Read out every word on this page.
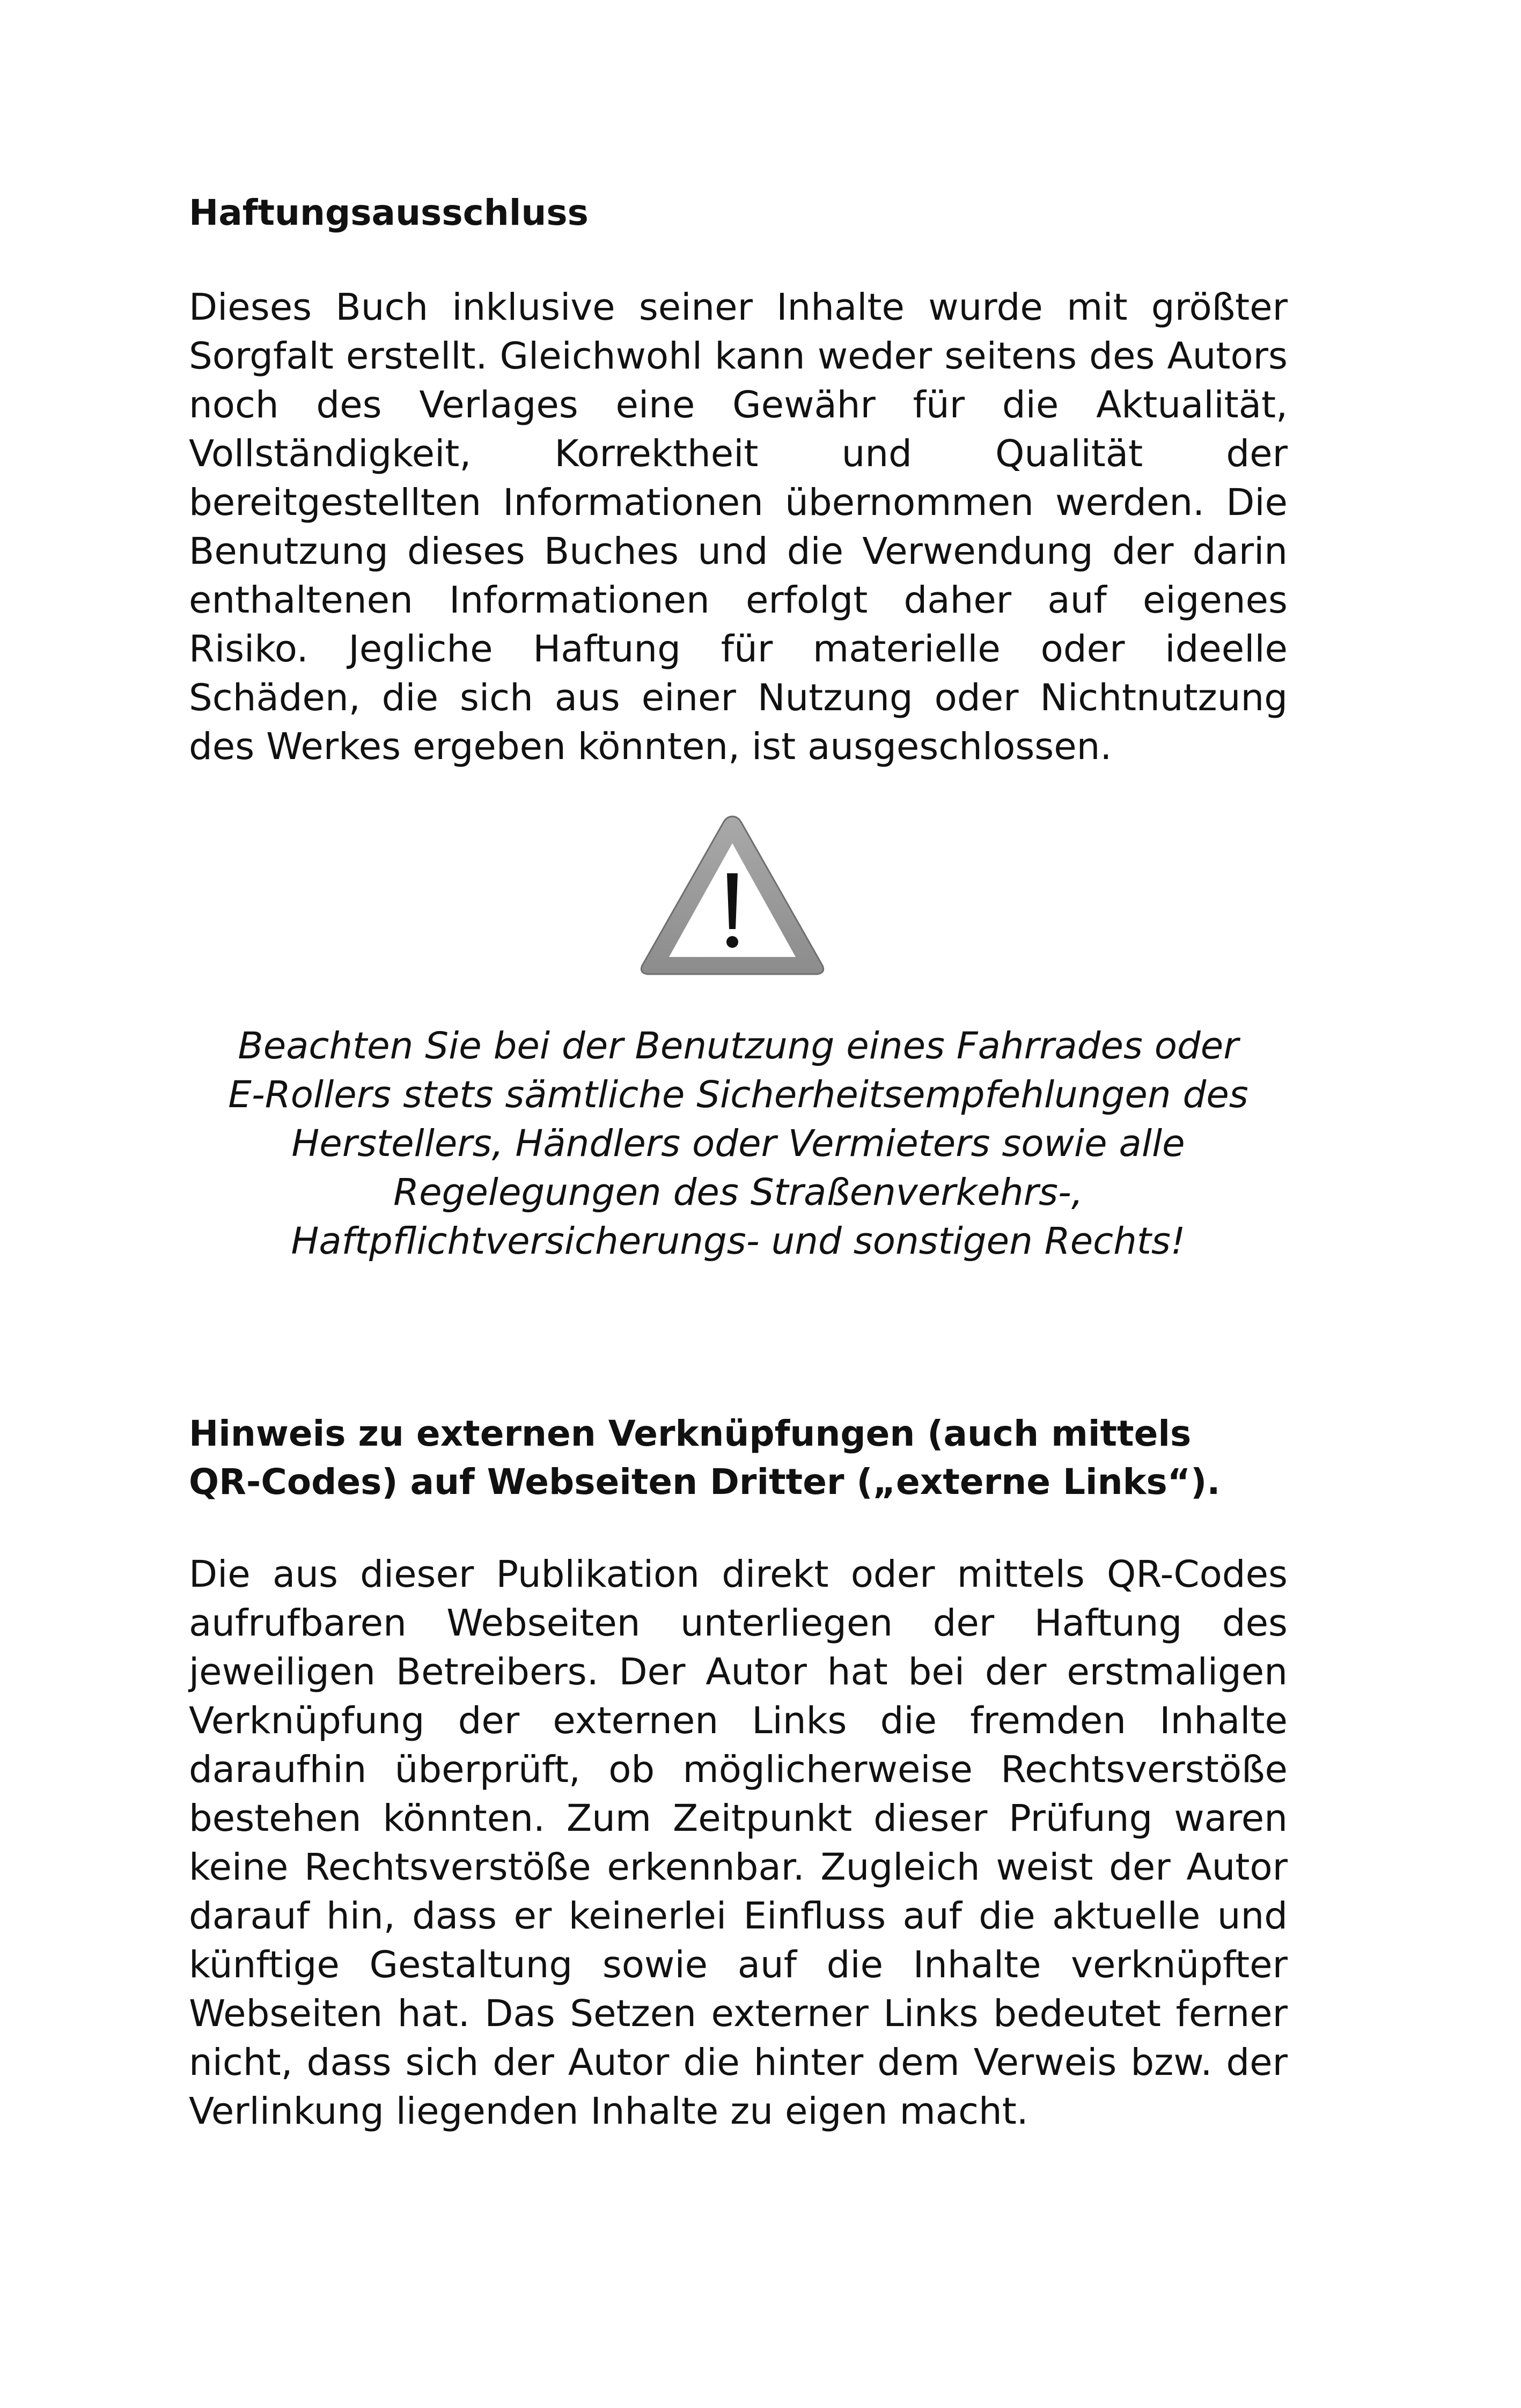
Haftungsausschluss

Dieses Buch inklusive seiner Inhalte wurde mit größter Sorgfalt erstellt. Gleichwohl kann weder seitens des Autors noch des Verlages eine Gewähr für die Aktualität, Vollständigkeit, Korrektheit und Qualität der bereitgestellten Informationen übernommen werden. Die Benutzung dieses Buches und die Verwendung der darin enthaltenen Informationen erfolgt daher auf eigenes Risiko. Jegliche Haftung für materielle oder ideelle Schäden, die sich aus einer Nutzung oder Nichtnutzung des Werkes ergeben könnten, ist ausgeschlossen.

Beachten Sie bei der Benutzung eines Fahrrades oder
E-Rollers stets sämtliche Sicherheitsempfehlungen des
Herstellers, Händlers oder Vermieters sowie alle
Regelegungen des Straßenverkehrs-,
Haftpflichtversicherungs- und sonstigen Rechts!
Hinweis zu externen Verknüpfungen (auch mittels
QR-Codes) auf Webseiten Dritter („externe Links“).

Die aus dieser Publikation direkt oder mittels QR-Codes aufrufbaren Webseiten unterliegen der Haftung des jeweiligen Betreibers. Der Autor hat bei der erstmaligen Verknüpfung der externen Links die fremden Inhalte daraufhin überprüft, ob möglicherweise Rechtsverstöße bestehen könnten. Zum Zeitpunkt dieser Prüfung waren keine Rechtsverstöße erkennbar. Zugleich weist der Autor darauf hin, dass er keinerlei Einfluss auf die aktuelle und künftige Gestaltung sowie auf die Inhalte verknüpfter Webseiten hat. Das Setzen externer Links bedeutet ferner nicht, dass sich der Autor die hinter dem Verweis bzw. der Verlinkung liegenden Inhalte zu eigen macht.
